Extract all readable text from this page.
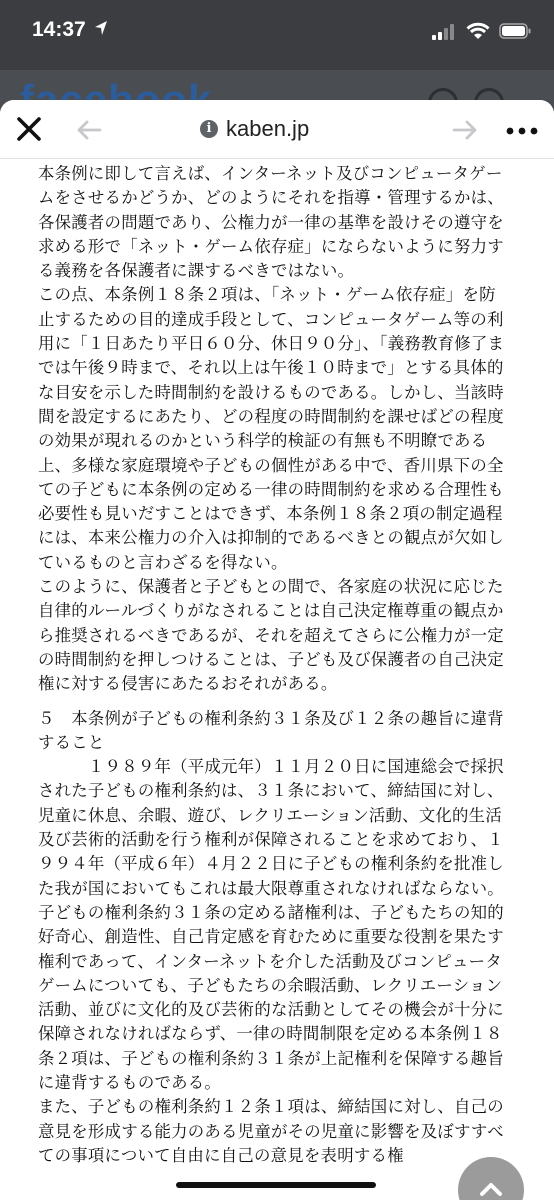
14:37
i kaben.jp

本条例に即して言えば、インターネット及びコンピュータゲームをさせるかどうか、どのようにそれを指導・管理するかは、各保護者の問題であり、公権力が一律の基準を設けその遵守を求める形で「ネット・ゲーム依存症」にならないように努力する義務を各保護者に課するべきではない。

この点、本条例１８条２項は、「ネット・ゲーム依存症」を防止するための目的達成手段として、コンピュータゲーム等の利用に「１日あたり平日６０分、休日９０分」、「義務教育修了までは午後９時まで、それ以上は午後１０時まで」とする具体的な目安を示した時間制約を設けるものである。しかし、当該時間を設定するにあたり、どの程度の時間制約を課せばどの程度の効果が現れるのかという科学的検証の有無も不明瞭である上、多様な家庭環境や子どもの個性がある中で、香川県下の全ての子どもに本条例の定める一律の時間制約を求める合理性も必要性も見いだすことはできず、本条例１８条２項の制定過程には、本来公権力の介入は抑制的であるべきとの観点が欠如しているものと言わざるを得ない。

このように、保護者と子どもとの間で、各家庭の状況に応じた自律的ルールづくりがなされることは自己決定権尊重の観点から推奨されるべきであるが、それを超えてさらに公権力が一定の時間制約を押しつけることは、子ども及び保護者の自己決定権に対する侵害にあたるおそれがある。

５　本条例が子どもの権利条約３１条及び１２条の趣旨に違背すること

　　　１９８９年（平成元年）１１月２０日に国連総会で採択された子どもの権利条約は、３１条において、締結国に対し、児童に休息、余暇、遊び、レクリエーション活動、文化的生活及び芸術的活動を行う権利が保障されることを求めており、１９９４年（平成６年）４月２２日に子どもの権利条約を批准した我が国においてもこれは最大限尊重されなければならない。

子どもの権利条約３１条の定める諸権利は、子どもたちの知的好奇心、創造性、自己肯定感を育むために重要な役割を果たす権利であって、インターネットを介した活動及びコンピュータゲームについても、子どもたちの余暇活動、レクリエーション活動、並びに文化的及び芸術的な活動としてその機会が十分に保障されなければならず、一律の時間制限を定める本条例１８条２項は、子どもの権利条約３１条が上記権利を保障する趣旨に違背するものである。

また、子どもの権利条約１２条１項は、締結国に対し、自己の意見を形成する能力のある児童がその児童に影響を及ぼすすべての事項について自由に自己の意見を表明する権
